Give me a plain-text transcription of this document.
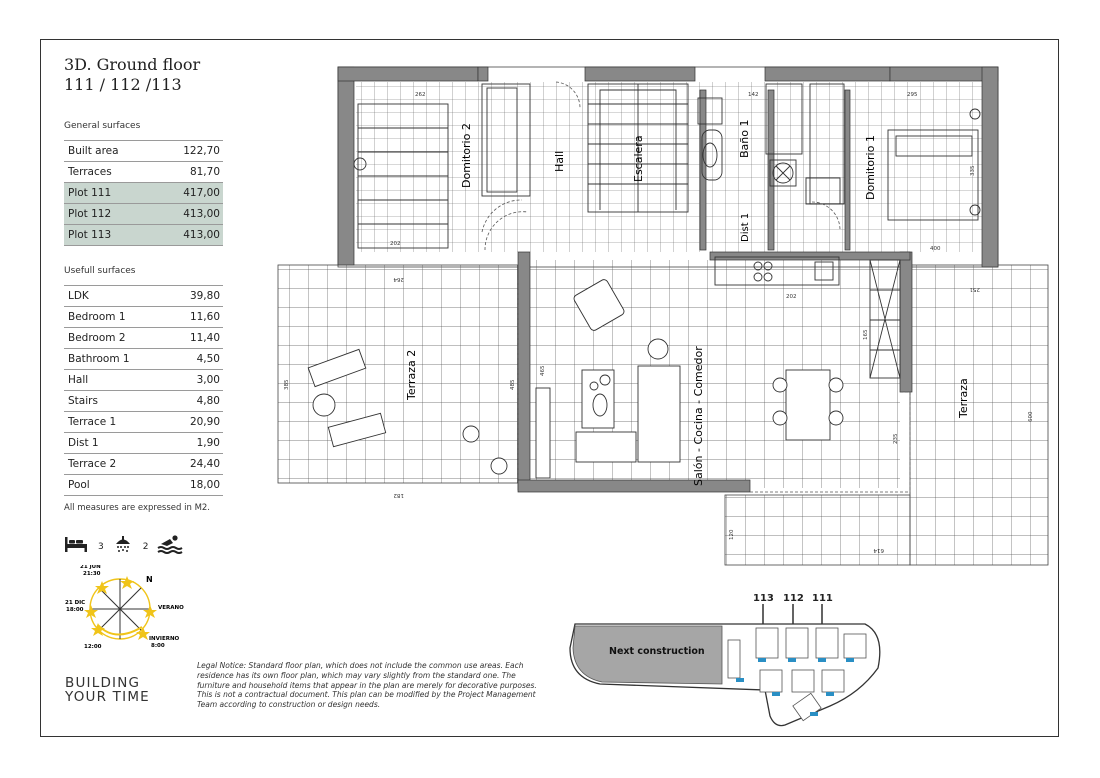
3D. Ground floor
111 / 112 /113
General surfaces
Built area	122,70
Terraces	81,70
Plot 111	417,00
Plot 112	413,00
Plot 113	413,00
Usefull surfaces
LDK	39,80
Bedroom 1	11,60
Bedroom 2	11,40
Bathroom 1	4,50
Hall	3,00
Stairs	4,80
Terrace 1	20,90
Dist 1	1,90
Terrace 2	24,40
Pool	18,00
All measures are expressed in M2.
3	2
21 JUN
21:30
21 DIC
18:00	VERANO
INVIERNO
8:00
12:00
N
BUILDING
YOUR TIME
Legal Notice: Standard floor plan, which does not include the common use areas. Each residence has its own floor plan, which may vary slightly from the standard one. The furniture and household items that appear in the plan are merely for decorative purposes. This is not a contractual document. This plan can be modified by the Project Management Team according to construction or design needs.
Domitorio 2	Hall	Escalera	Baño 1	Domitorio 1
Dist 1
Terraza 2	Salón - Cocina - Comedor	Terraza
262	295
142
202
202
400
335
120
614
600
251
465
235
165
264
485
182
385
113 112 111
Next construction
